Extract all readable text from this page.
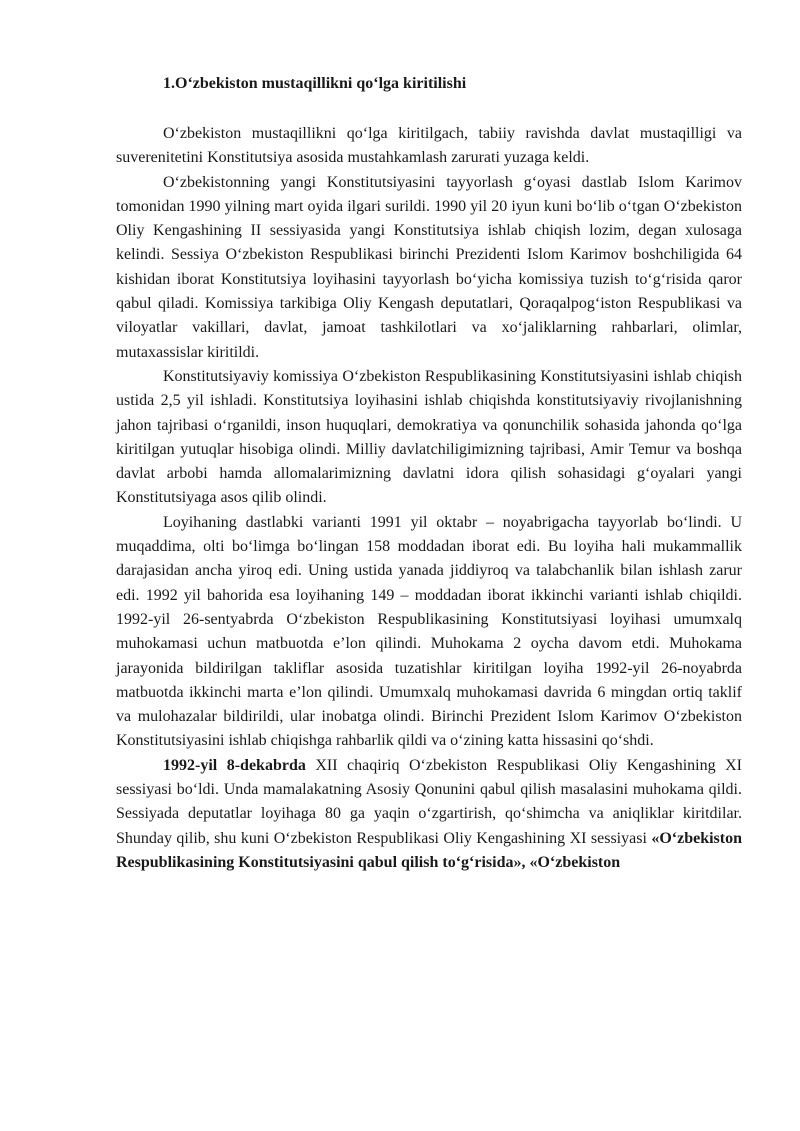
1.O‘zbekiston mustaqillikni qo‘lga kiritilishi

O‘zbekiston mustaqillikni qo‘lga kiritilgach, tabiiy ravishda davlat mustaqilligi va suverenitetini Konstitutsiya asosida mustahkamlash zarurati yuzaga keldi.

O‘zbekistonning yangi Konstitutsiyasini tayyorlash g‘oyasi dastlab Islom Karimov tomonidan 1990 yilning mart oyida ilgari surildi. 1990 yil 20 iyun kuni bo‘lib o‘tgan O‘zbekiston Oliy Kengashining II sessiyasida yangi Konstitutsiya ishlab chiqish lozim, degan xulosaga kelindi. Sessiya O‘zbekiston Respublikasi birinchi Prezidenti Islom Karimov boshchiligida 64 kishidan iborat Konstitutsiya loyihasini tayyorlash bo‘yicha komissiya tuzish to‘g‘risida qaror qabul qiladi. Komissiya tarkibiga Oliy Kengash deputatlari, Qoraqalpog‘iston Respublikasi va viloyatlar vakillari, davlat, jamoat tashkilotlari va xo‘jaliklarning rahbarlari, olimlar, mutaxassislar kiritildi.

Konstitutsiyaviy komissiya O‘zbekiston Respublikasining Konstitutsiyasini ishlab chiqish ustida 2,5 yil ishladi. Konstitutsiya loyihasini ishlab chiqishda konstitutsiyaviy rivojlanishning jahon tajribasi o‘rganildi, inson huquqlari, demokratiya va qonunchilik sohasida jahonda qo‘lga kiritilgan yutuqlar hisobiga olindi. Milliy davlatchiligimizning tajribasi, Amir Temur va boshqa davlat arbobi hamda allomalarimizning davlatni idora qilish sohasidagi g‘oyalari yangi Konstitutsiyaga asos qilib olindi.

Loyihaning dastlabki varianti 1991 yil oktabr – noyabrigacha tayyorlab bo‘lindi. U muqaddima, olti bo‘limga bo‘lingan 158 moddadan iborat edi. Bu loyiha hali mukammallik darajasidan ancha yiroq edi. Uning ustida yanada jiddiyroq va talabchanlik bilan ishlash zarur edi. 1992 yil bahorida esa loyihaning 149 – moddadan iborat ikkinchi varianti ishlab chiqildi. 1992-yil 26-sentyabrda O‘zbekiston Respublikasining Konstitutsiyasi loyihasi umumxalq muhokamasi uchun matbuotda e’lon qilindi. Muhokama 2 oycha davom etdi. Muhokama jarayonida bildirilgan takliflar asosida tuzatishlar kiritilgan loyiha 1992-yil 26-noyabrda matbuotda ikkinchi marta e’lon qilindi. Umumxalq muhokamasi davrida 6 mingdan ortiq taklif va mulohazalar bildirildi, ular inobatga olindi. Birinchi Prezident Islom Karimov O‘zbekiston Konstitutsiyasini ishlab chiqishga rahbarlik qildi va o‘zining katta hissasini qo‘shdi.

1992-yil 8-dekabrda XII chaqiriq O‘zbekiston Respublikasi Oliy Kengashining XI sessiyasi bo‘ldi. Unda mamalakatning Asosiy Qonunini qabul qilish masalasini muhokama qildi. Sessiyada deputatlar loyihaga 80 ga yaqin o‘zgartirish, qo‘shimcha va aniqliklar kiritdilar. Shunday qilib, shu kuni O‘zbekiston Respublikasi Oliy Kengashining XI sessiyasi «O‘zbekiston Respublikasining Konstitutsiyasini qabul qilish to‘g‘risida», «O‘zbekiston
